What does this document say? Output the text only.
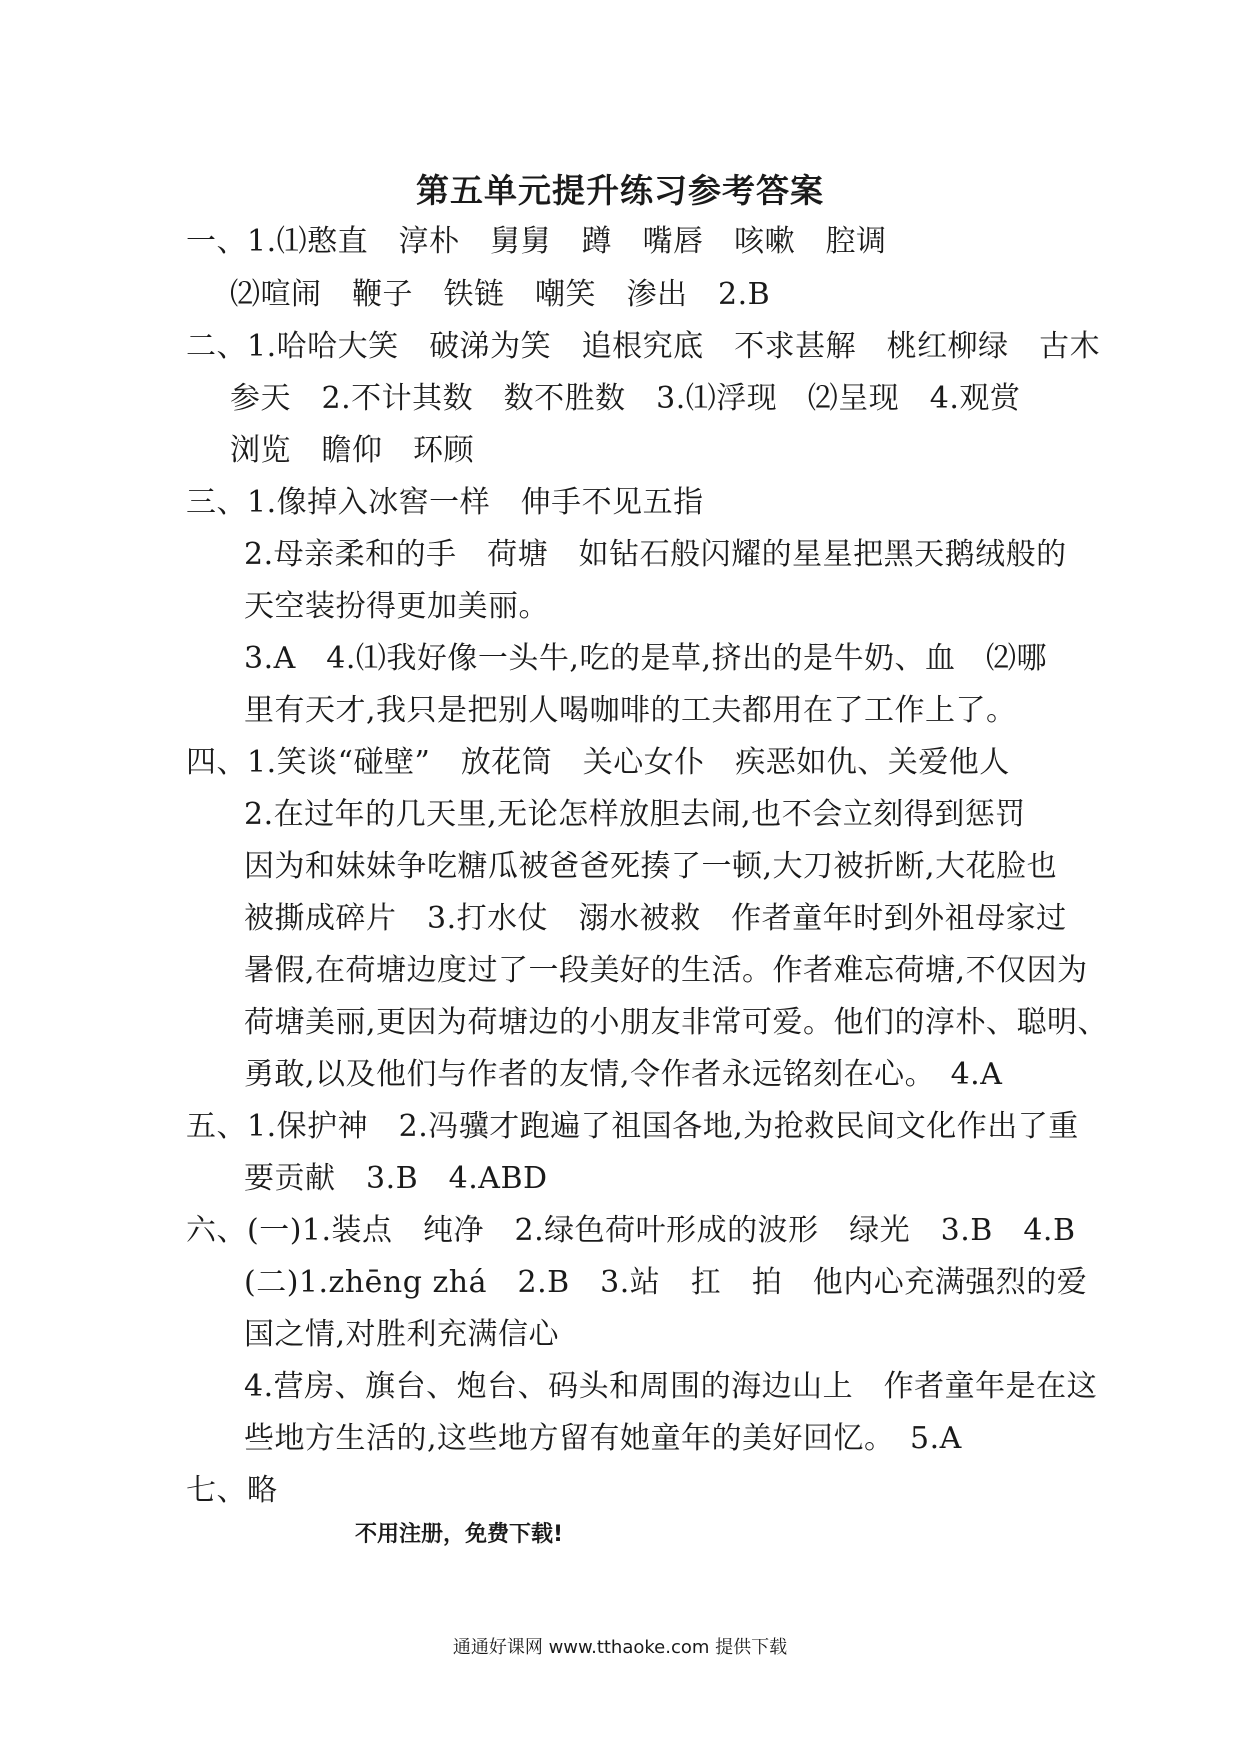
第五单元提升练习参考答案
一、1.⑴憨直　淳朴　舅舅　蹲　嘴唇　咳嗽　腔调
⑵喧闹　鞭子　铁链　嘲笑　渗出　2.B
二、1.哈哈大笑　破涕为笑　追根究底　不求甚解　桃红柳绿　古木
参天　2.不计其数　数不胜数　3.⑴浮现　⑵呈现　4.观赏
浏览　瞻仰　环顾
三、1.像掉入冰窖一样　伸手不见五指
2.母亲柔和的手　荷塘　如钻石般闪耀的星星把黑天鹅绒般的
天空装扮得更加美丽。
3.A　4.⑴我好像一头牛,吃的是草,挤出的是牛奶、血　⑵哪
里有天才,我只是把别人喝咖啡的工夫都用在了工作上了。
四、1.笑谈“碰壁”　放花筒　关心女仆　疾恶如仇、关爱他人
2.在过年的几天里,无论怎样放胆去闹,也不会立刻得到惩罚
因为和妹妹争吃糖瓜被爸爸死揍了一顿,大刀被折断,大花脸也
被撕成碎片　3.打水仗　溺水被救　作者童年时到外祖母家过
暑假,在荷塘边度过了一段美好的生活。作者难忘荷塘,不仅因为
荷塘美丽,更因为荷塘边的小朋友非常可爱。他们的淳朴、聪明、
勇敢,以及他们与作者的友情,令作者永远铭刻在心。　4.A
五、1.保护神　2.冯骥才跑遍了祖国各地,为抢救民间文化作出了重
要贡献　3.B　4.ABD
六、(一)1.装点　纯净　2.绿色荷叶形成的波形　绿光　3.B　4.B
(二)1.zhēng zhá　2.B　3.站　扛　拍　他内心充满强烈的爱
国之情,对胜利充满信心
4.营房、旗台、炮台、码头和周围的海边山上　作者童年是在这
些地方生活的,这些地方留有她童年的美好回忆。　5.A
七、略
不用注册，免费下载!
通通好课网 www.tthaoke.com 提供下载
